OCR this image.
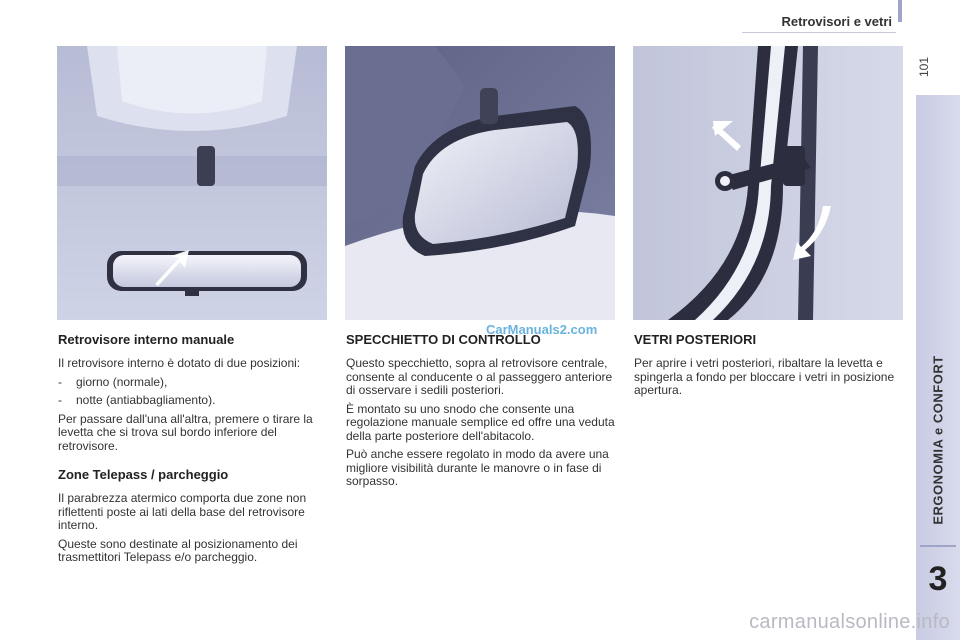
Retrovisori e vetri
101
ERGONOMIA e CONFORT
3
CarManuals2.com
Retrovisore interno manuale

Il retrovisore interno è dotato di due posizioni:

-	giorno (normale),
-	notte (antiabbagliamento).

Per passare dall'una all'altra, premere o tirare la levetta che si trova sul bordo inferiore del retrovisore.

Zone Telepass / parcheggio

Il parabrezza atermico comporta due zone non riflettenti poste ai lati della base del retrovisore interno.

Queste sono destinate al posizionamento dei trasmettitori Telepass e/o parcheggio.

SPECCHIETTO DI CONTROLLO

Questo specchietto, sopra al retrovisore centrale, consente al conducente o al passeggero anteriore di osservare i sedili posteriori.

È montato su uno snodo che consente una regolazione manuale semplice ed offre una veduta della parte posteriore dell'abitacolo.

Può anche essere regolato in modo da avere una migliore visibilità durante le manovre o in fase di sorpasso.

VETRI POSTERIORI

Per aprire i vetri posteriori, ribaltare la levetta e spingerla a fondo per bloccare i vetri in posizione apertura.

carmanualsonline.info
